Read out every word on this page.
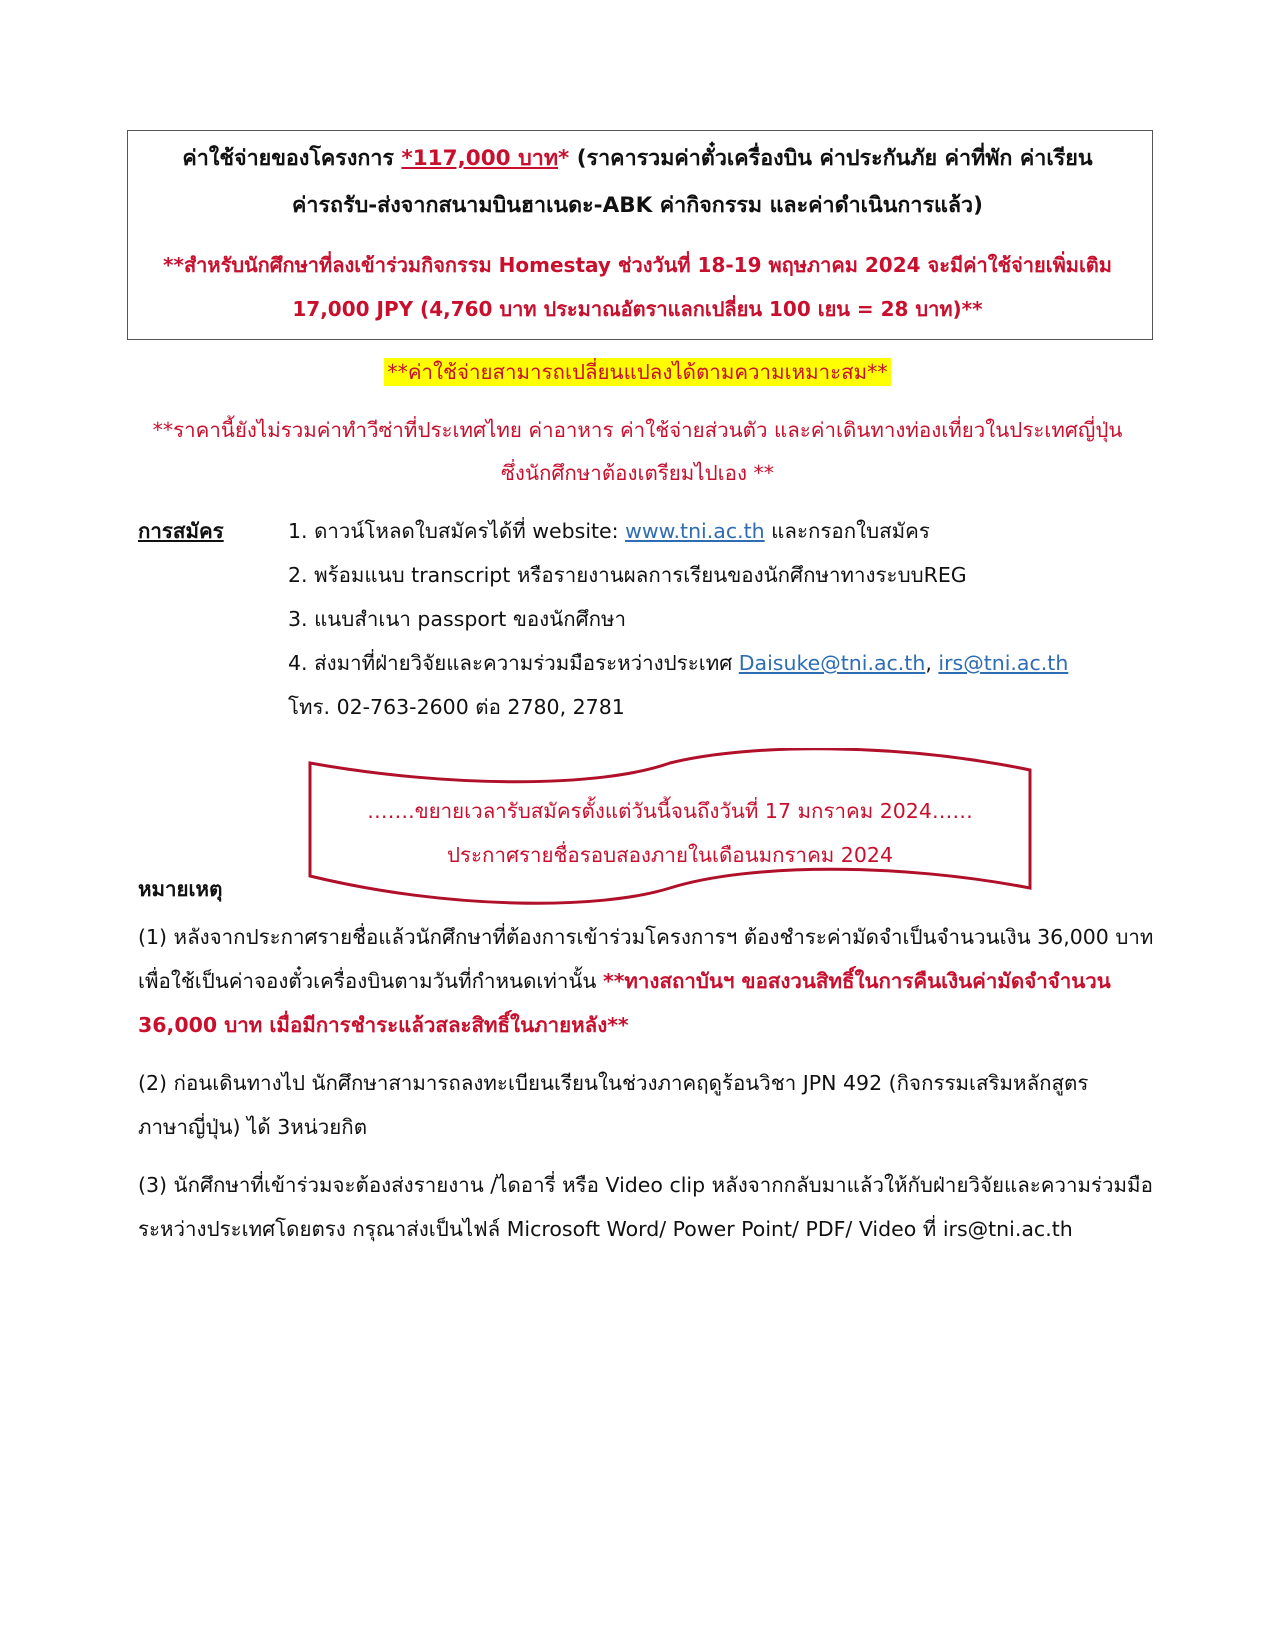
ค่าใช้จ่ายของโครงการ *117,000 บาท* (ราคารวมค่าตั๋วเครื่องบิน ค่าประกันภัย ค่าที่พัก ค่าเรียน
ค่ารถรับ-ส่งจากสนามบินฮาเนดะ-ABK ค่ากิจกรรม และค่าดำเนินการแล้ว)
**สำหรับนักศึกษาที่ลงเข้าร่วมกิจกรรม Homestay ช่วงวันที่ 18-19 พฤษภาคม 2024 จะมีค่าใช้จ่ายเพิ่มเติม
17,000 JPY (4,760 บาท ประมาณอัตราแลกเปลี่ยน 100 เยน = 28 บาท)**
**ค่าใช้จ่ายสามารถเปลี่ยนแปลงได้ตามความเหมาะสม**
**ราคานี้ยังไม่รวมค่าทำวีซ่าที่ประเทศไทย ค่าอาหาร ค่าใช้จ่ายส่วนตัว และค่าเดินทางท่องเที่ยวในประเทศญี่ปุ่น
ซึ่งนักศึกษาต้องเตรียมไปเอง **
การสมัคร	1. ดาวน์โหลดใบสมัครได้ที่ website: www.tni.ac.th และกรอกใบสมัคร
2. พร้อมแนบ transcript หรือรายงานผลการเรียนของนักศึกษาทางระบบREG
3. แนบสำเนา passport ของนักศึกษา
4. ส่งมาที่ฝ่ายวิจัยและความร่วมมือระหว่างประเทศ Daisuke@tni.ac.th, irs@tni.ac.th
โทร. 02-763-2600 ต่อ 2780, 2781
…….ขยายเวลารับสมัครตั้งแต่วันนี้จนถึงวันที่ 17 มกราคม 2024……
ประกาศรายชื่อรอบสองภายในเดือนมกราคม 2024
หมายเหตุ
(1) หลังจากประกาศรายชื่อแล้วนักศึกษาที่ต้องการเข้าร่วมโครงการฯ ต้องชำระค่ามัดจำเป็นจำนวนเงิน 36,000 บาท
เพื่อใช้เป็นค่าจองตั๋วเครื่องบินตามวันที่กำหนดเท่านั้น **ทางสถาบันฯ ขอสงวนสิทธิ์ในการคืนเงินค่ามัดจำจำนวน
36,000 บาท เมื่อมีการชำระแล้วสละสิทธิ์ในภายหลัง**
(2) ก่อนเดินทางไป นักศึกษาสามารถลงทะเบียนเรียนในช่วงภาคฤดูร้อนวิชา JPN 492 (กิจกรรมเสริมหลักสูตร
ภาษาญี่ปุ่น) ได้ 3หน่วยกิต
(3) นักศึกษาที่เข้าร่วมจะต้องส่งรายงาน /ไดอารี่ หรือ Video clip หลังจากกลับมาแล้วให้กับฝ่ายวิจัยและความร่วมมือ
ระหว่างประเทศโดยตรง กรุณาส่งเป็นไฟล์ Microsoft Word/ Power Point/ PDF/ Video ที่ irs@tni.ac.th
